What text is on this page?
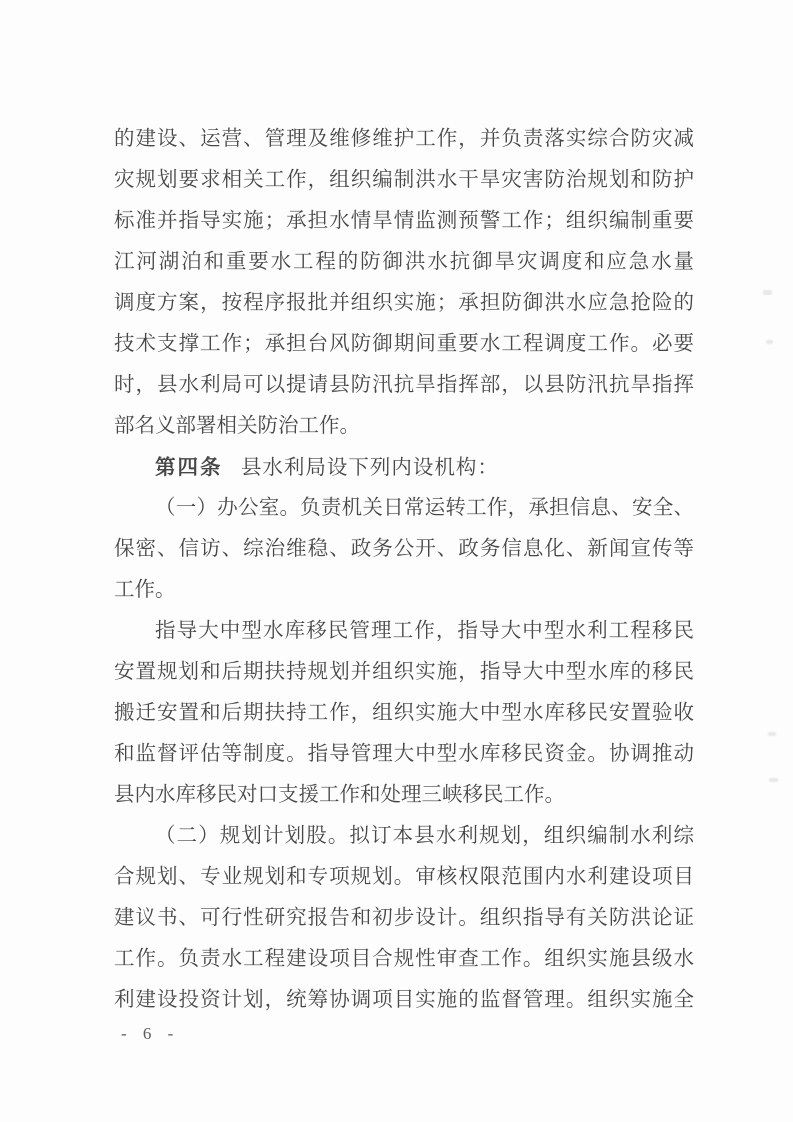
的建设、运营、管理及维修维护工作，并负责落实综合防灾减
灾规划要求相关工作，组织编制洪水干旱灾害防治规划和防护
标准并指导实施；承担水情旱情监测预警工作；组织编制重要
江河湖泊和重要水工程的防御洪水抗御旱灾调度和应急水量
调度方案，按程序报批并组织实施；承担防御洪水应急抢险的
技术支撑工作；承担台风防御期间重要水工程调度工作。必要
时，县水利局可以提请县防汛抗旱指挥部，以县防汛抗旱指挥
部名义部署相关防治工作。
第四条 县水利局设下列内设机构：
（一）办公室。负责机关日常运转工作，承担信息、安全、
保密、信访、综治维稳、政务公开、政务信息化、新闻宣传等
工作。
指导大中型水库移民管理工作，指导大中型水利工程移民
安置规划和后期扶持规划并组织实施，指导大中型水库的移民
搬迁安置和后期扶持工作，组织实施大中型水库移民安置验收
和监督评估等制度。指导管理大中型水库移民资金。协调推动
县内水库移民对口支援工作和处理三峡移民工作。
（二）规划计划股。拟订本县水利规划，组织编制水利综
合规划、专业规划和专项规划。审核权限范围内水利建设项目
建议书、可行性研究报告和初步设计。组织指导有关防洪论证
工作。负责水工程建设项目合规性审查工作。组织实施县级水
利建设投资计划，统筹协调项目实施的监督管理。组织实施全
- 6 -
